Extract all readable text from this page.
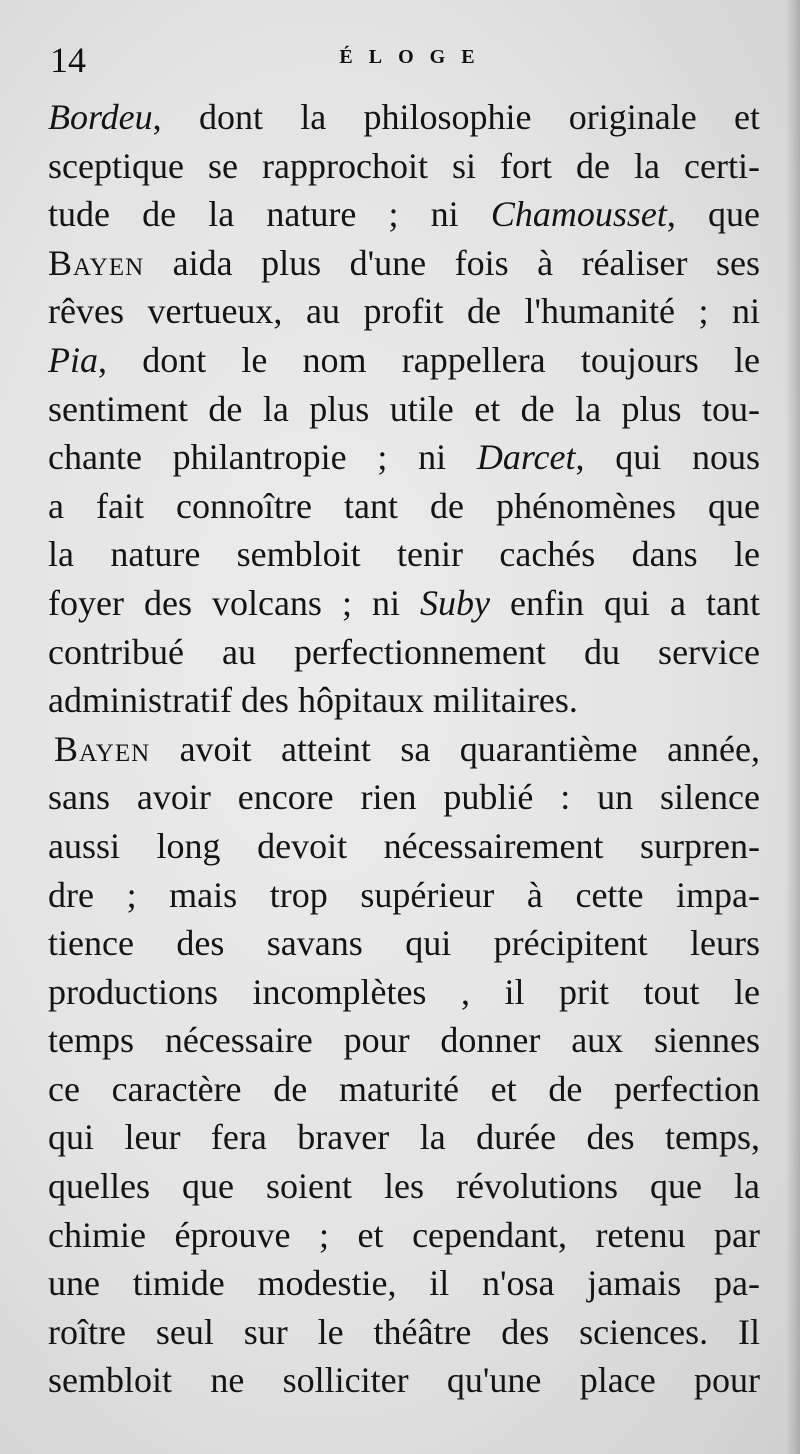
14	ÉLOGE
Bordeu, dont la philosophie originale et
sceptique se rapprochoit si fort de la certi-
tude de la nature ; ni Chamousset, que
Bayen aida plus d'une fois à réaliser ses
rêves vertueux, au profit de l'humanité ; ni
Pia, dont le nom rappellera toujours le
sentiment de la plus utile et de la plus tou-
chante philantropie ; ni Darcet, qui nous
a fait connoître tant de phénomènes que
la nature sembloit tenir cachés dans le
foyer des volcans ; ni Suby enfin qui a tant
contribué au perfectionnement du service
administratif des hôpitaux militaires.
Bayen avoit atteint sa quarantième année,
sans avoir encore rien publié : un silence
aussi long devoit nécessairement surpren-
dre ; mais trop supérieur à cette impa-
tience des savans qui précipitent leurs
productions incomplètes , il prit tout le
temps nécessaire pour donner aux siennes
ce caractère de maturité et de perfection
qui leur fera braver la durée des temps,
quelles que soient les révolutions que la
chimie éprouve ; et cependant, retenu par
une timide modestie, il n'osa jamais pa-
roître seul sur le théâtre des sciences. Il
sembloit ne solliciter qu'une place pour
